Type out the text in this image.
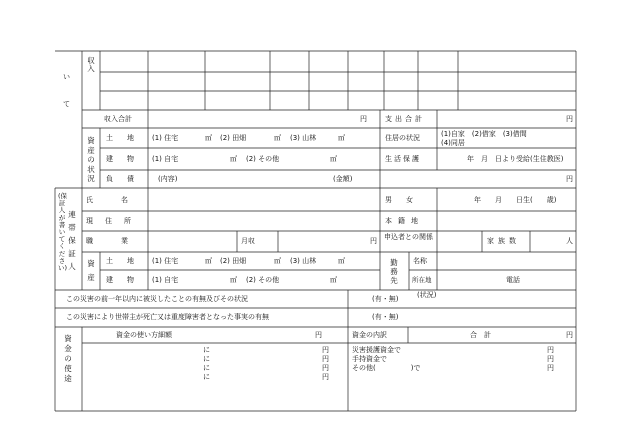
い
て
収入
収入合計	円	支出合計	円
資産の状況
土地 (1) 住宅	㎡ (2) 田畑	㎡ (3) 山林	㎡
建物 (1) 自宅	㎡ (2) その他	㎡
負債 (内容)	(金額)	円
住居の状況	(1)自家　(2)借家　(3)借間
(4)同居
生活保護	年　月　日より受給(生住教医)
(保証人が書いてください)
連帯保証人
氏名	男　　女	年　　月　　日生(　　歳)
現住所	本籍地
職業	月収	円 申込者との関係	家族数	人
資産
土地 (1) 住宅	㎡ (2) 田畑	㎡ (3) 山林	㎡
建物 (1) 自宅	㎡ (2) その他	㎡
勤務先
名称
所在地	電話
この災害の前一年以内に被災したことの有無及びその状況	(有・無)	(状況)
この災害により世帯主が死亡又は重度障害者となった事実の有無	(有・無)
資金の使途
資金の使い方細額	円	資金の内訳	合　計	円
に	円
に	円
に	円
に	円
災害援護資金で	円
手持資金で	円
その他(　　　　　)で	円
